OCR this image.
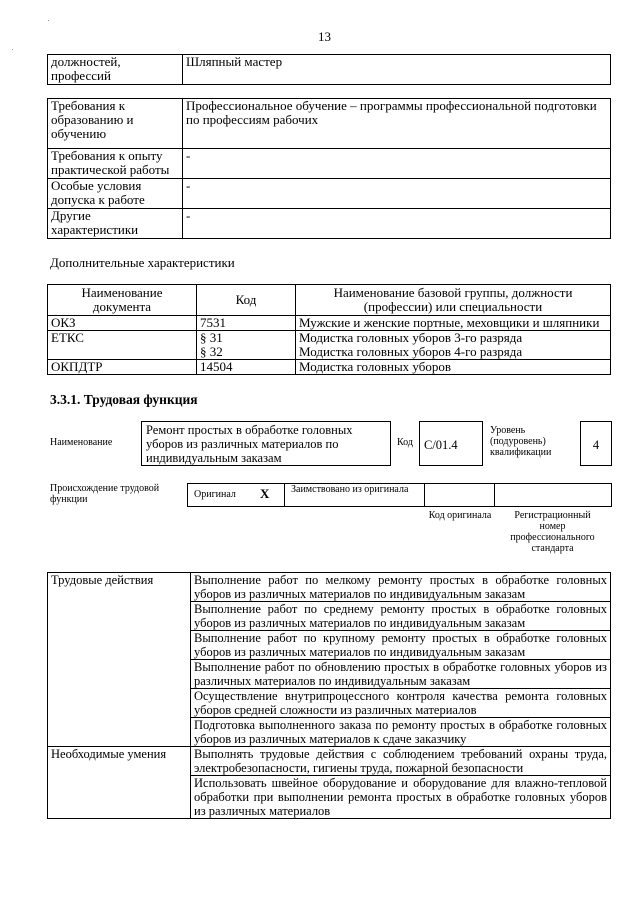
13
должностей, профессий	Шляпный мастер
Требования к образованию и обучению	Профессиональное обучение – программы профессиональной подготовки по профессиям рабочих
Требования к опыту практической работы	-
Особые условия допуска к работе	-
Другие характеристики	-
Дополнительные характеристики
Наименование документа	Код	Наименование базовой группы, должности (профессии) или специальности
ОКЗ	7531	Мужские и женские портные, меховщики и шляпники
ЕТКС	§ 31	Модистка головных уборов 3-го разряда
	§ 32	Модистка головных уборов 4-го разряда
ОКПДТР	14504	Модистка головных уборов
3.3.1. Трудовая функция
Наименование
Ремонт простых в обработке головных уборов из различных материалов по индивидуальным заказам
Код С/01.4
Уровень (подуровень) квалификации
4
Происхождение трудовой функции	Оригинал X Заимствовано из оригинала
Код оригинала	Регистрационный номер профессионального стандарта
Трудовые действия	Выполнение работ по мелкому ремонту простых в обработке головных уборов из различных материалов по индивидуальным заказам
	Выполнение работ по среднему ремонту простых в обработке головных уборов из различных материалов по индивидуальным заказам
	Выполнение работ по крупному ремонту простых в обработке головных уборов из различных материалов по индивидуальным заказам
	Выполнение работ по обновлению простых в обработке головных уборов из различных материалов по индивидуальным заказам
	Осуществление внутрипроцессного контроля качества ремонта головных уборов средней сложности из различных материалов
	Подготовка выполненного заказа по ремонту простых в обработке головных уборов из различных материалов к сдаче заказчику
Необходимые умения	Выполнять трудовые действия с соблюдением требований охраны труда, электробезопасности, гигиены труда, пожарной безопасности
	Использовать швейное оборудование и оборудование для влажно-тепловой обработки при выполнении ремонта простых в обработке головных уборов из различных материалов
